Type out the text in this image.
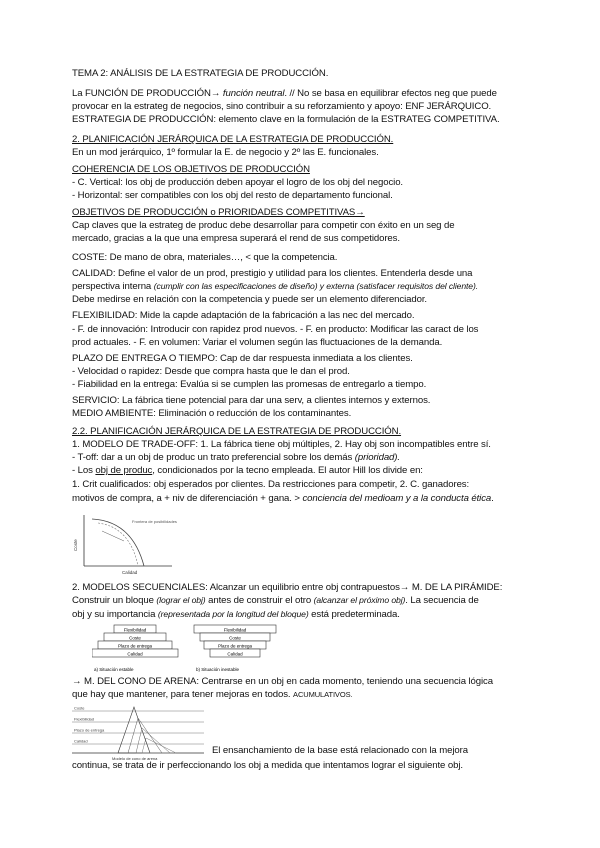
TEMA 2: ANÁLISIS DE LA ESTRATEGIA DE PRODUCCIÓN.
La FUNCIÓN DE PRODUCCIÓN→ función neutral. // No se basa en equilibrar efectos neg que puede
provocar en la estrateg de negocios, sino contribuir a su reforzamiento y apoyo: ENF JERÁRQUICO.
ESTRATEGIA DE PRODUCCIÓN: elemento clave en la formulación de la ESTRATEG COMPETITIVA.
2. PLANIFICACIÓN JERÁRQUICA DE LA ESTRATEGIA DE PRODUCCIÓN.
En un mod jerárquico, 1º formular la E. de negocio y 2º las E. funcionales.
COHERENCIA DE LOS OBJETIVOS DE PRODUCCIÓN
- C. Vertical: los obj de producción deben apoyar el logro de los obj del negocio.
- Horizontal: ser compatibles con los obj del resto de departamento funcional.
OBJETIVOS DE PRODUCCIÓN o PRIORIDADES COMPETITIVAS→
Cap claves que la estrateg de produc debe desarrollar para competir con éxito en un seg de
mercado, gracias a la que una empresa superará el rend de sus competidores.
COSTE: De mano de obra, materiales…, < que la competencia.
CALIDAD: Define el valor de un prod, prestigio y utilidad para los clientes. Entenderla desde una
perspectiva interna (cumplir con las especificaciones de diseño) y externa (satisfacer requisitos del cliente).
Debe medirse en relación con la competencia y puede ser un elemento diferenciador.
FLEXIBILIDAD: Mide la capde adaptación de la fabricación a las nec del mercado.
- F. de innovación: Introducir con rapidez prod nuevos. - F. en producto: Modificar las caract de los
prod actuales. - F. en volumen: Variar el volumen según las fluctuaciones de la demanda.
PLAZO DE ENTREGA O TIEMPO: Cap de dar respuesta inmediata a los clientes.
- Velocidad o rapidez: Desde que compra hasta que le dan el prod.
- Fiabilidad en la entrega: Evalúa si se cumplen las promesas de entregarlo a tiempo.
SERVICIO: La fábrica tiene potencial para dar una serv, a clientes internos y externos.
MEDIO AMBIENTE: Eliminación o reducción de los contaminantes.
2.2. PLANIFICACIÓN JERÁRQUICA DE LA ESTRATEGIA DE PRODUCCIÓN.
1. MODELO DE TRADE-OFF: 1. La fábrica tiene obj múltiples, 2. Hay obj son incompatibles entre sí.
- T-off: dar a un obj de produc un trato preferencial sobre los demás (prioridad).
- Los obj de produc, condicionados por la tecno empleada. El autor Hill los divide en:
1. Crit cualificados: obj esperados por clientes. Da restricciones para competir, 2. C. ganadores:
motivos de compra, a + niv de diferenciación + gana. > conciencia del medioam y a la conducta ética.
Frontera de posibilidades
Coste
Calidad
2. MODELOS SECUENCIALES: Alcanzar un equilibrio entre obj contrapuestos→ M. DE LA PIRÁMIDE:
Construir un bloque (lograr el obj) antes de construir el otro (alcanzar el próximo obj). La secuencia de
obj y su importancia (representada por la longitud del bloque) está predeterminada.
Flexibilidad
Coste
Plazo de entrega
Calidad
a) Situación estable
Flexibilidad
Coste
Plazo de entrega
Calidad
b) Situación inestable
→ M. DEL CONO DE ARENA: Centrarse en un obj en cada momento, teniendo una secuencia lógica
que hay que mantener, para tener mejoras en todos. ACUMULATIVOS.
Coste
Flexibilidad
Plazo de entrega
Calidad
Modelo de cono de arena
El ensanchamiento de la base está relacionado con la mejora
continua, se trata de ir perfeccionando los obj a medida que intentamos lograr el siguiente obj.
